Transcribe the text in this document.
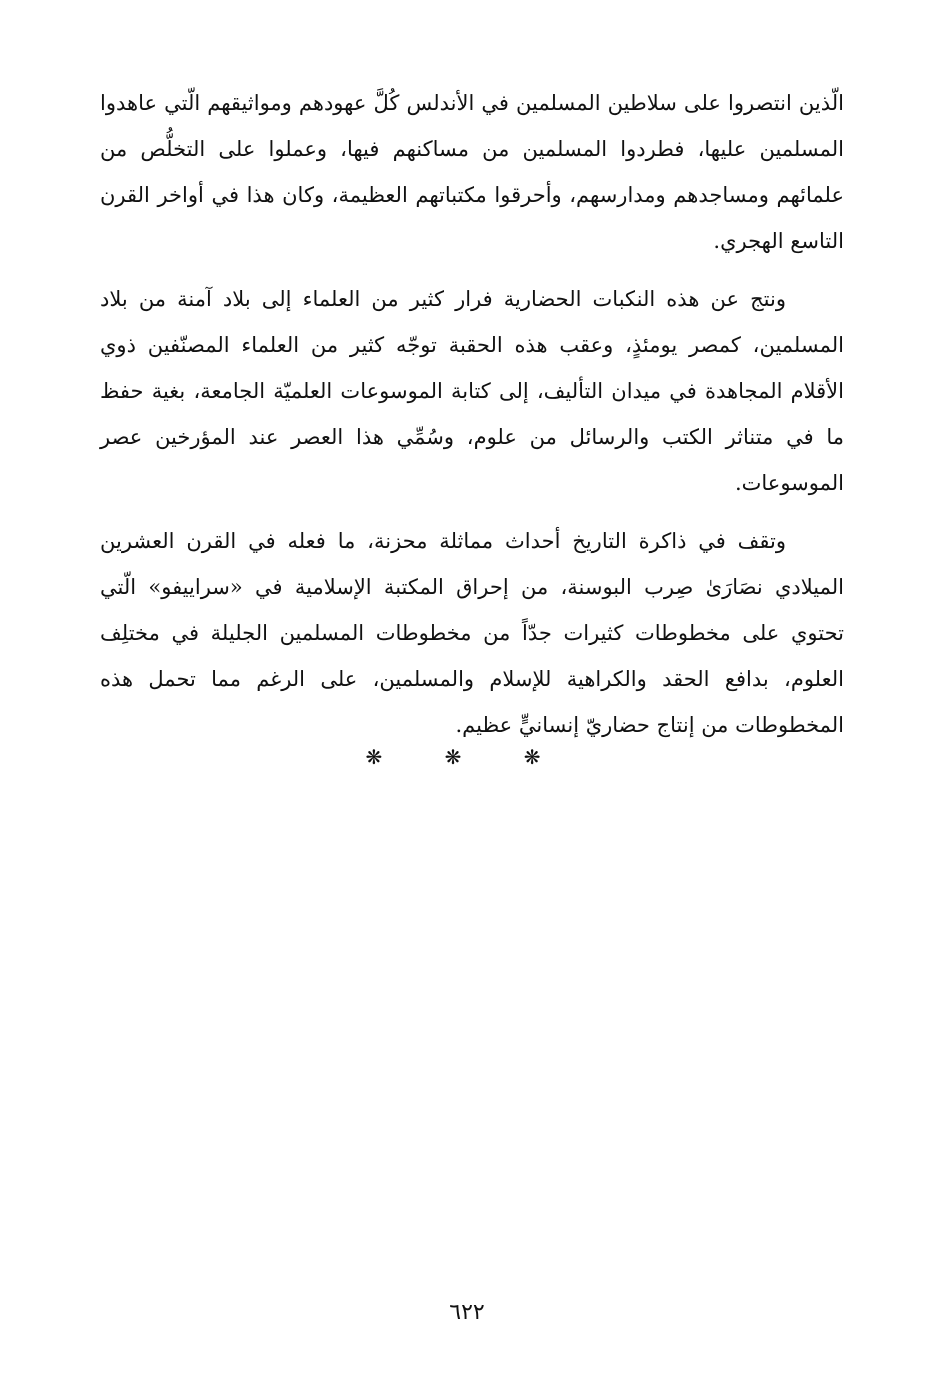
الّذين انتصروا على سلاطين المسلمين في الأندلس كُلَّ عهودهم ومواثيقهم الّتي عاهدوا المسلمين عليها، فطردوا المسلمين من مساكنهم فيها، وعملوا على التخلُّص من علمائهم ومساجدهم ومدارسهم، وأحرقوا مكتباتهم العظيمة، وكان هذا في أواخر القرن التاسع الهجري.

ونتج عن هذه النكبات الحضارية فرار كثير من العلماء إلى بلاد آمنة من بلاد المسلمين، كمصر يومئذٍ، وعقب هذه الحقبة توجّه كثير من العلماء المصنّفين ذوي الأقلام المجاهدة في ميدان التأليف، إلى كتابة الموسوعات العلميّة الجامعة، بغية حفظ ما في متناثر الكتب والرسائل من علوم، وسُمِّي هذا العصر عند المؤرخين عصر الموسوعات.

وتقف في ذاكرة التاريخ أحداث مماثلة محزنة، ما فعله في القرن العشرين الميلادي نصَارَىٰ صِرب البوسنة، من إحراق المكتبة الإسلامية في «سراييفو» الّتي تحتوي على مخطوطات كثيرات جدّاً من مخطوطات المسلمين الجليلة في مختلِف العلوم، بدافع الحقد والكراهية للإسلام والمسلمين، على الرغم مما تحمل هذه المخطوطات من إنتاج حضاريّ إنسانيٍّ عظيم.

❋ ❋ ❋
٦٢٢
